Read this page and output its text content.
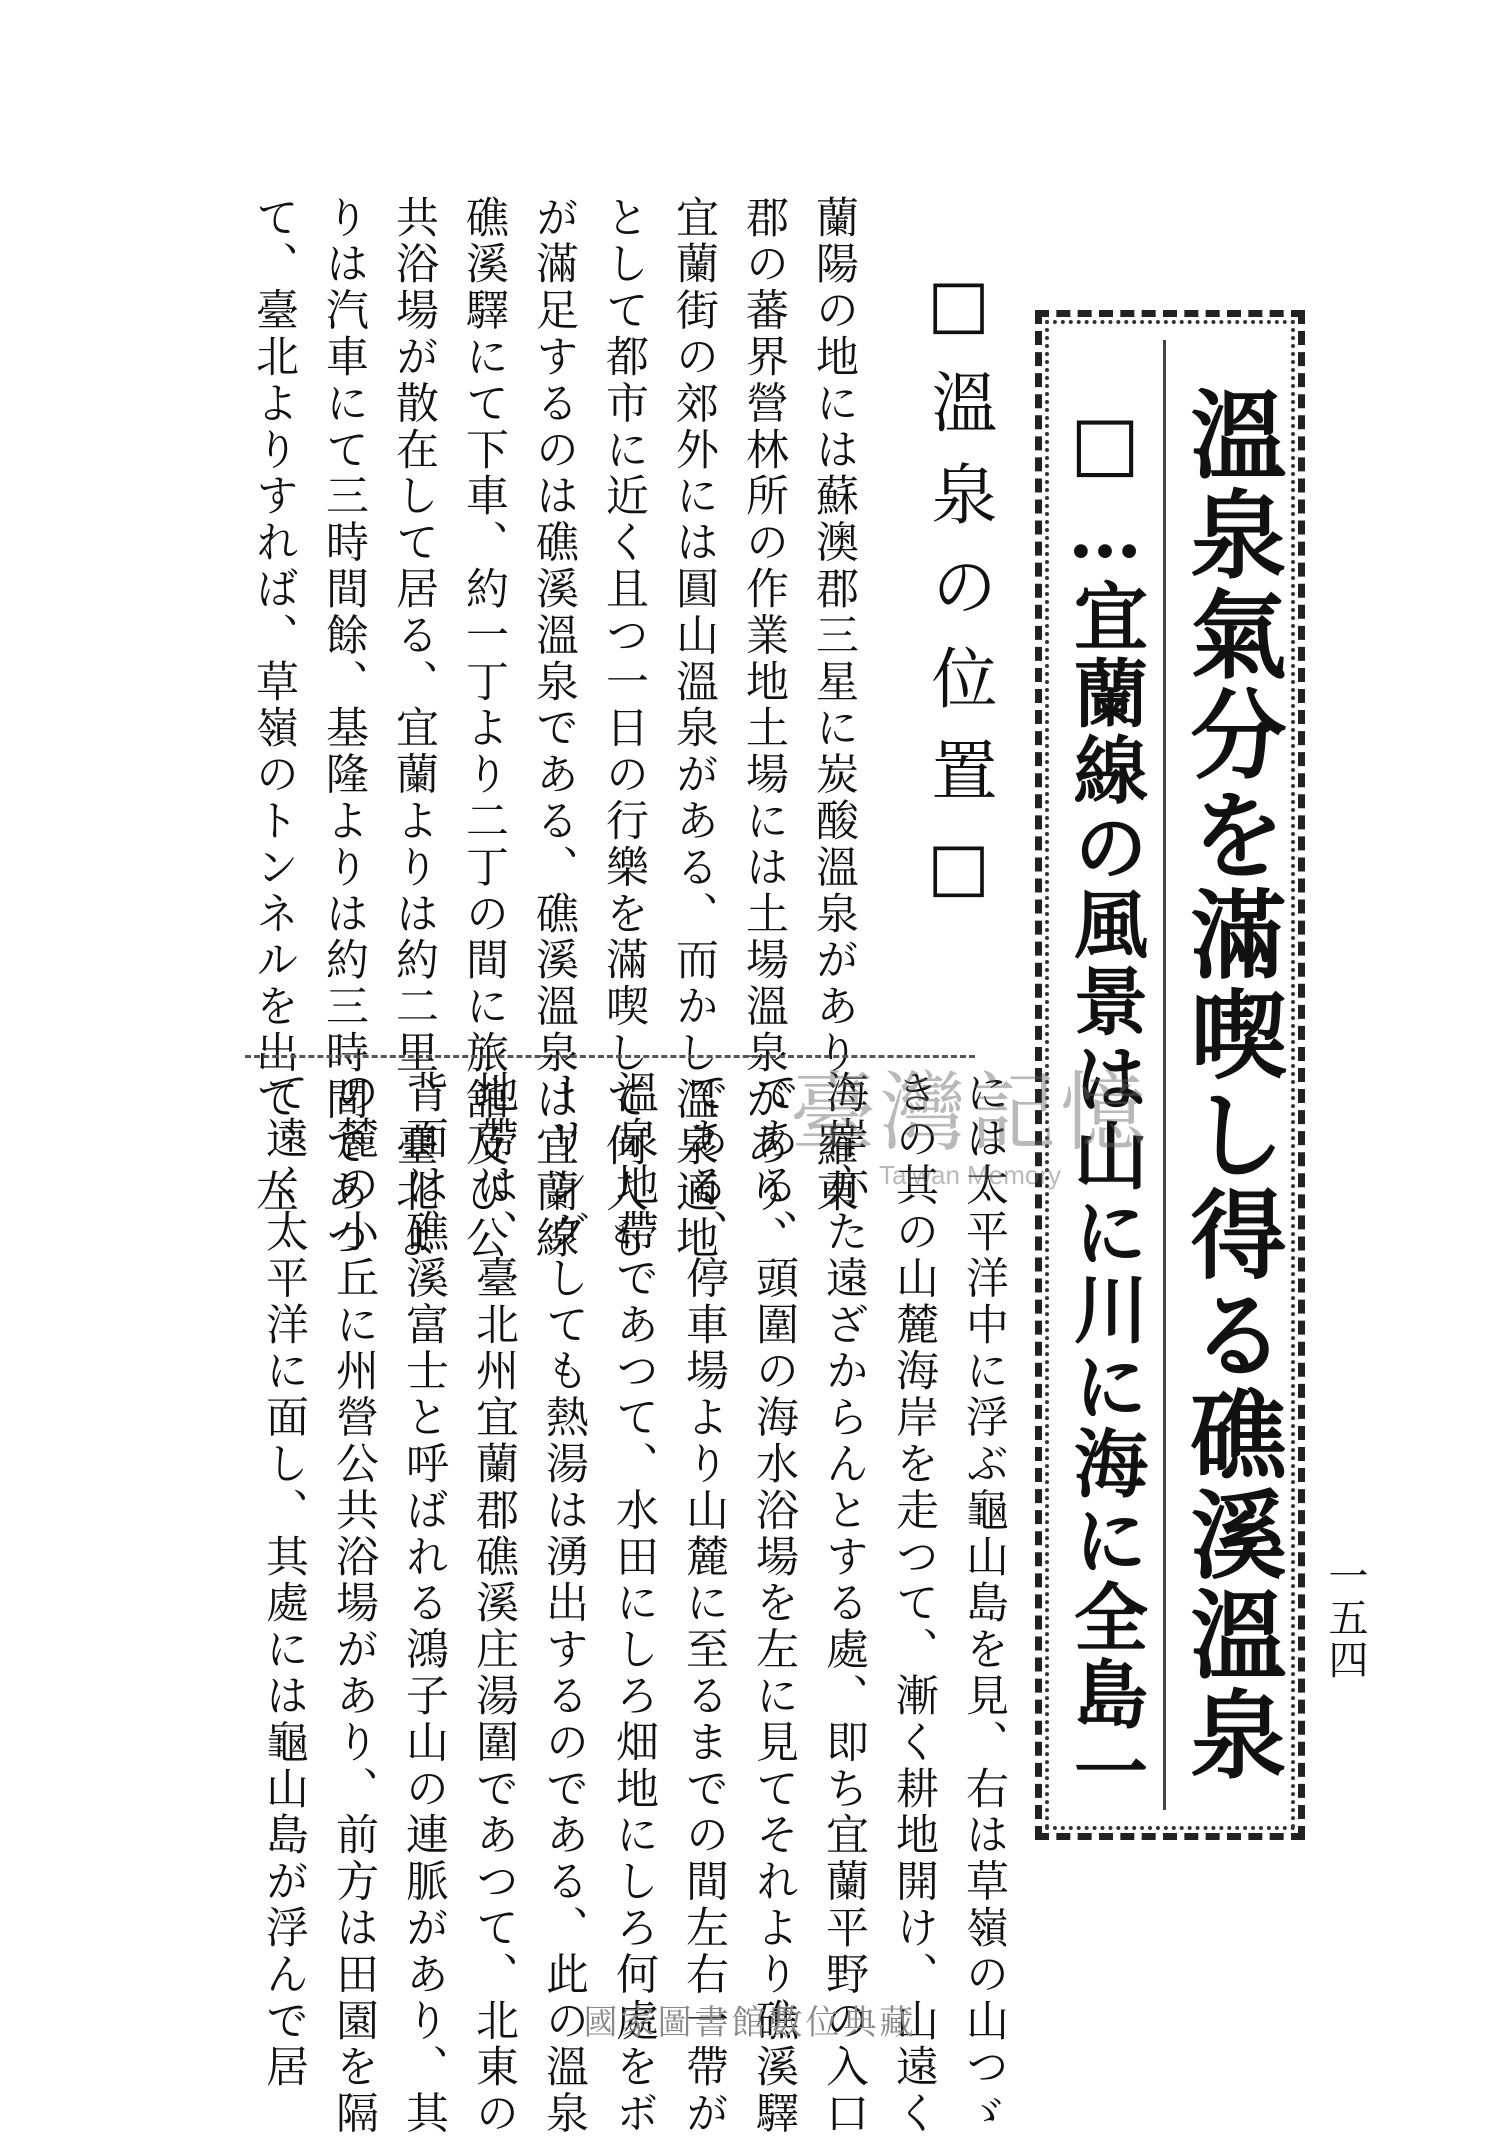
溫泉氣分を滿喫し得る礁溪溫泉
□…宜蘭線の風景は山に川に海に全島一	一五四
□溫泉の位置□
蘭陽の地には蘇澳郡三星に炭酸溫泉があり、羅東
郡の蕃界營林所の作業地土場には土場溫泉があり、
宜蘭街の郊外には圓山溫泉がある、而かし溫泉適地
として都市に近く且つ一日の行樂を滿喫して何人も
が滿足するのは礁溪溫泉である、礁溪溫泉は宜蘭線
礁溪驛にて下車、約一丁より二丁の間に旅舘及び公
共浴場が散在して居る、宜蘭よりは約二里、臺北よ
りは汽車にて三時間餘、基隆よりは約三時間であつ
て、臺北よりすれば、草嶺のトンネルを出て、左
には太平洋中に浮ぶ龜山島を見、右は草嶺の山つゞ
きの其の山麓海岸を走つて、漸く耕地開け、山遠く
海岸亦た遠ざからんとする處、即ち宜蘭平野の入口
である、頭圍の海水浴場を左に見てそれより礁溪驛
である、停車場より山麓に至るまでの間左右一帶が
溫泉地帶であつて、水田にしろ畑地にしろ何處をボ
ーリングしても熱湯は湧出するのである、此の溫泉
地帶は、臺北州宜蘭郡礁溪庄湯圍であつて、北東の
背面は礁溪富士と呼ばれる鴻子山の連脈があり、其
の麓の小丘に州營公共浴場があり、前方は田園を隔
て遠く太平洋に面し、其處には龜山島が浮んで居	臺灣記憶
Taiwan Memory
國家圖書館數位典藏
